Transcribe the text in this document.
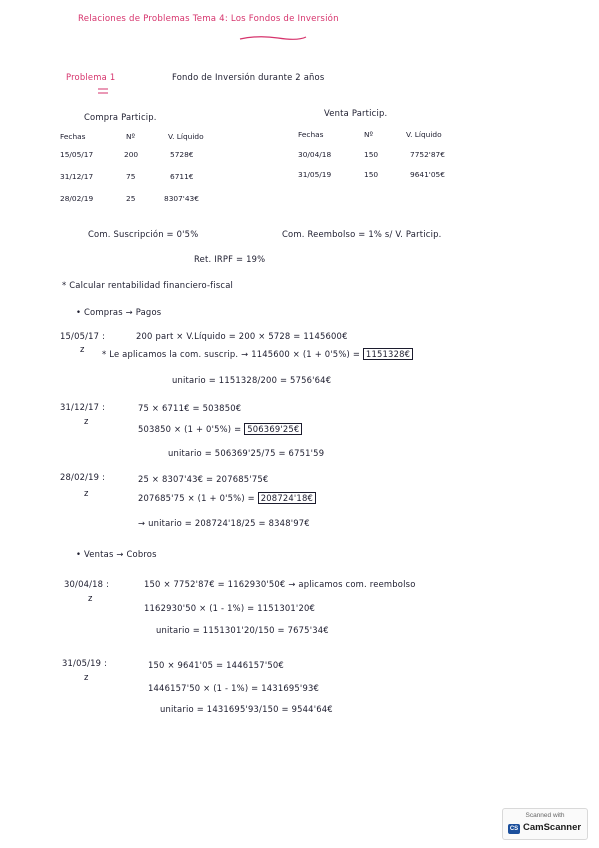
Relaciones de Problemas Tema 4: Los Fondos de Inversión
Problema 1	Fondo de Inversión durante 2 años
Compra Particip.
Fechas	Nº	V. Líquido
15/05/17	200	5728€
31/12/17	75	6711€
28/02/19	25	8307'43€
Venta Particip.
Fechas	Nº	V. Líquido
30/04/18	150	7752'87€
31/05/19	150	9641'05€
Com. Suscripción = 0'5%	Com. Reembolso = 1% s/ V. Particip.
Ret. IRPF = 19%
* Calcular rentabilidad financiero-fiscal
• Compras → Pagos
15/05/17 :
z
200 part × V.Líquido = 200 × 5728 = 1145600€
* Le aplicamos la com. suscrip. → 1145600 × (1 + 0'5%) = 1151328€
unitario = 1151328/200 = 5756'64€
31/12/17 :
z
75 × 6711€ = 503850€
503850 × (1 + 0'5%) = 506369'25€
unitario = 506369'25/75 = 6751'59
28/02/19 :
z
25 × 8307'43€ = 207685'75€
207685'75 × (1 + 0'5%) = 208724'18€
→ unitario = 208724'18/25 = 8348'97€
• Ventas → Cobros
30/04/18 :
z
150 × 7752'87€ = 1162930'50€ → aplicamos com. reembolso
1162930'50 × (1 - 1%) = 1151301'20€
unitario = 1151301'20/150 = 7675'34€
31/05/19 :
z
150 × 9641'05 = 1446157'50€
1446157'50 × (1 - 1%) = 1431695'93€
unitario = 1431695'93/150 = 9544'64€
Scanned with
CS CamScanner
